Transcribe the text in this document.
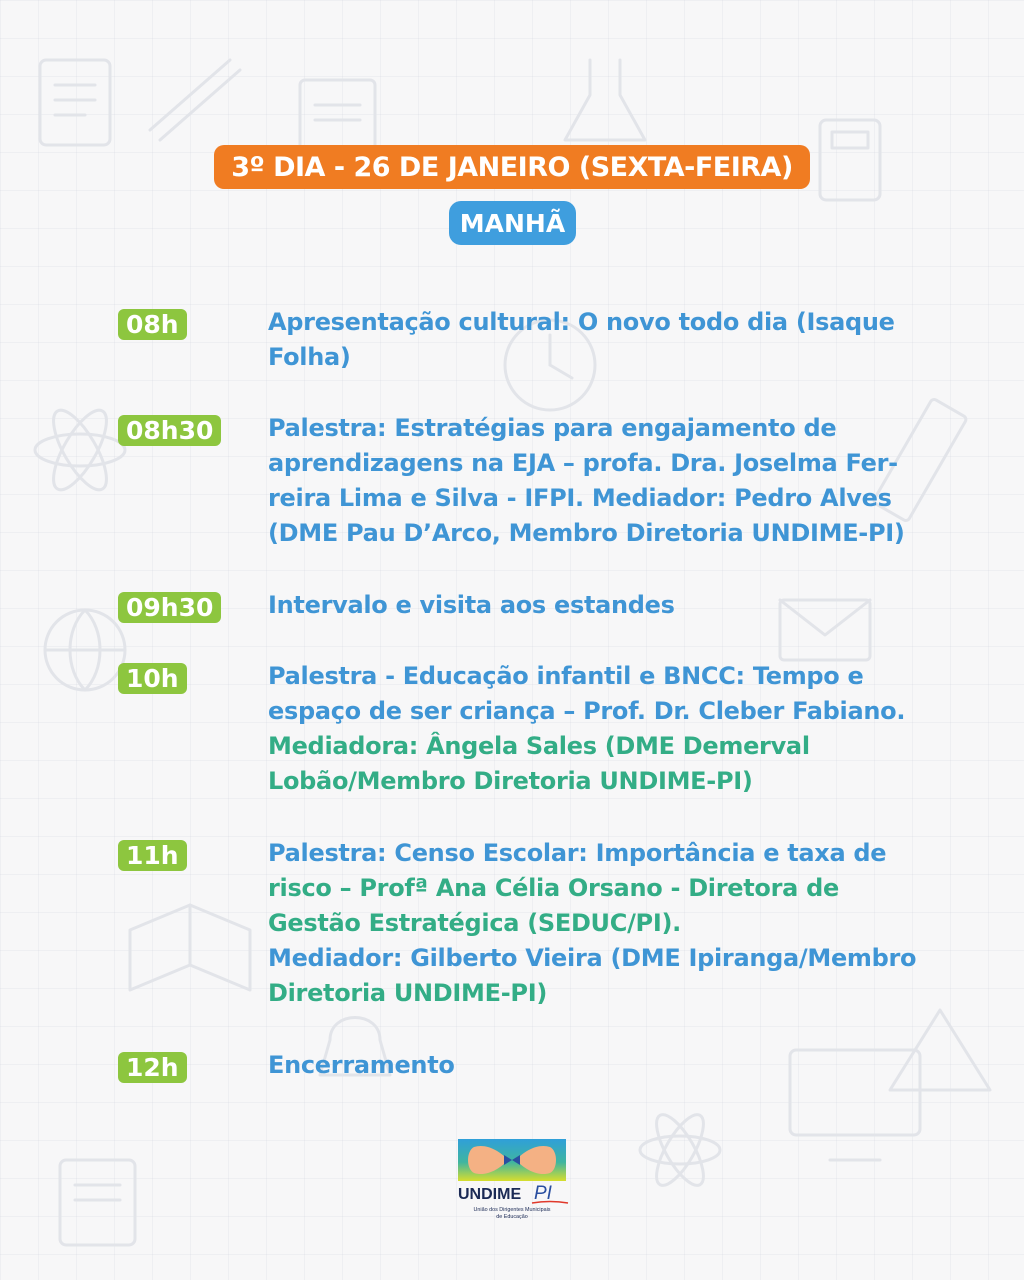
3º DIA - 26 DE JANEIRO (SEXTA-FEIRA)
MANHÃ
08h	Apresentação cultural: O novo todo dia (Isaque
Folha)
08h30	Palestra: Estratégias para engajamento de
aprendizagens na EJA – profa. Dra. Joselma Fer-
reira Lima e Silva - IFPI. Mediador: Pedro Alves
(DME Pau D’Arco, Membro Diretoria UNDIME-PI)
09h30	Intervalo e visita aos estandes
10h	Palestra - Educação infantil e BNCC: Tempo e
espaço de ser criança – Prof. Dr. Cleber Fabiano.
Mediadora: Ângela Sales (DME Demerval
Lobão/Membro Diretoria UNDIME-PI)
11h	Palestra: Censo Escolar: Importância e taxa de
risco – Profª Ana Célia Orsano - Diretora de
Gestão Estratégica (SEDUC/PI).
Mediador: Gilberto Vieira (DME Ipiranga/Membro
Diretoria UNDIME-PI)
12h	Encerramento
UNDIME PI
União dos Dirigentes Municipais
de Educação
